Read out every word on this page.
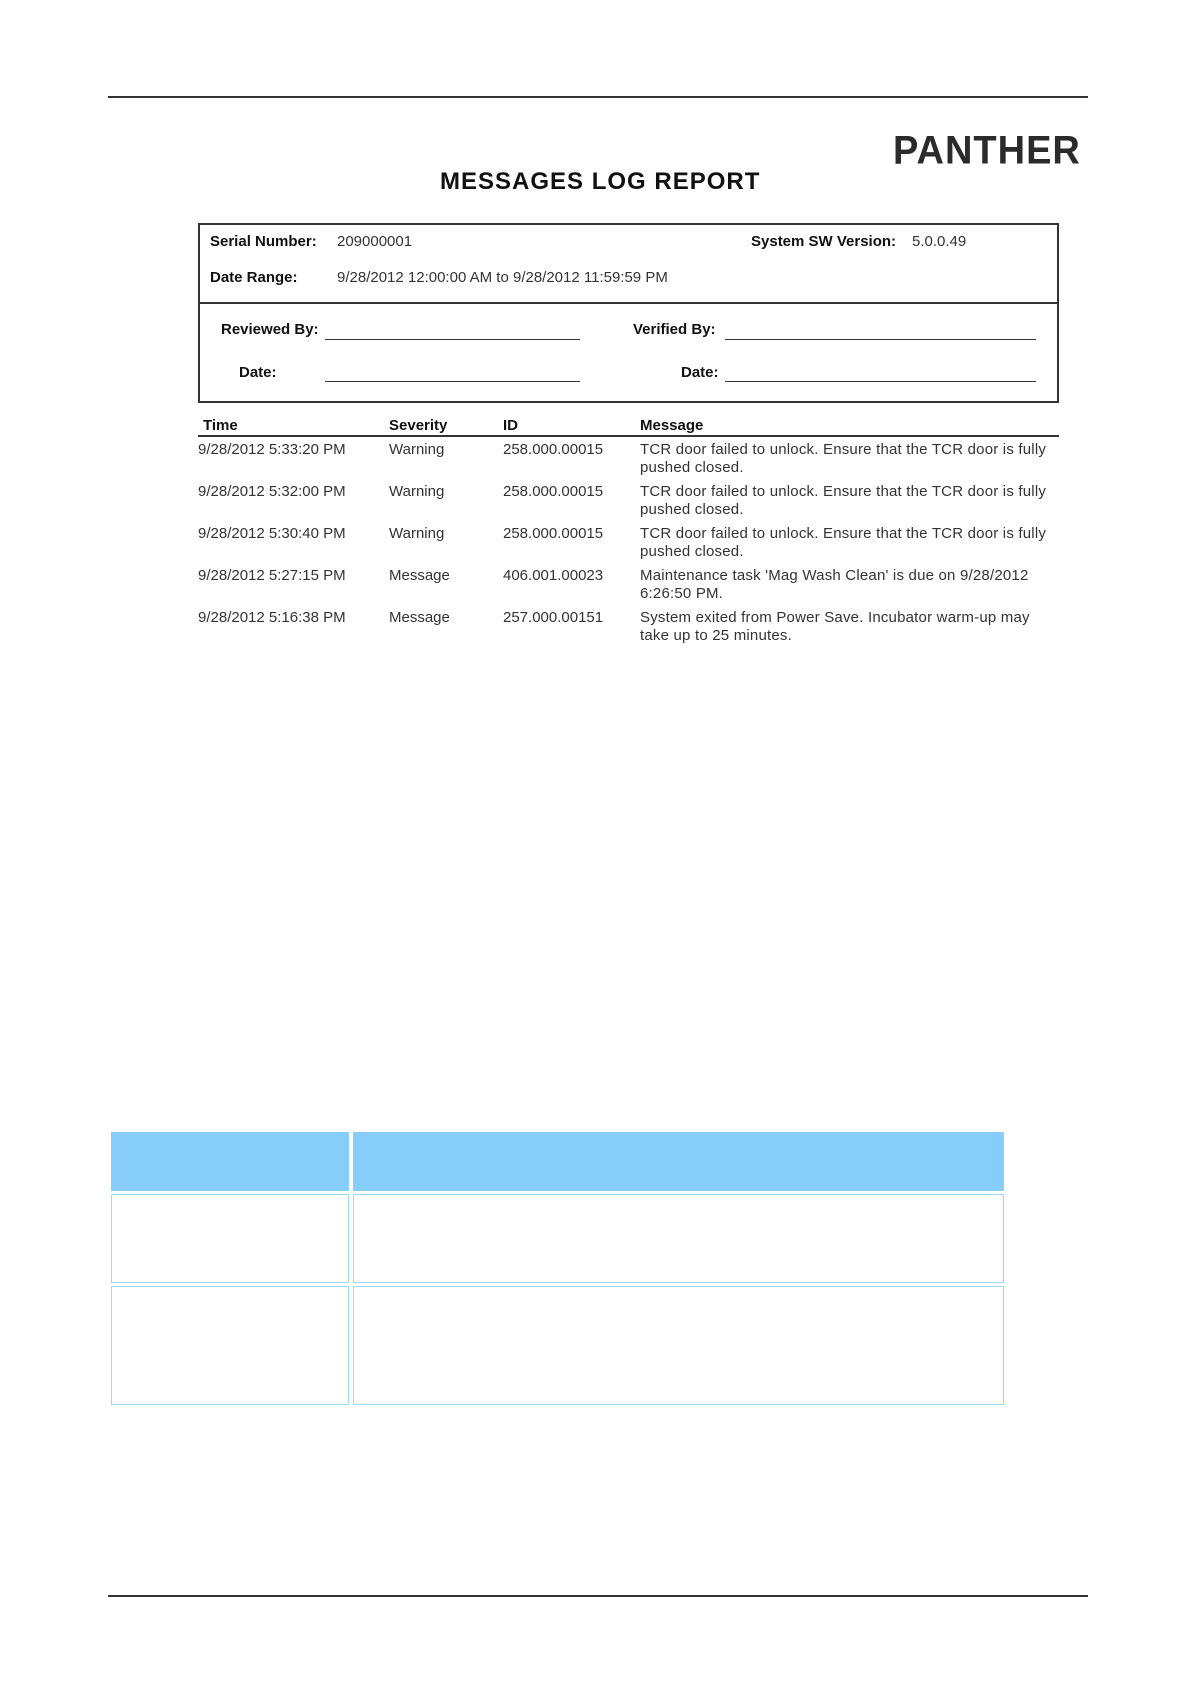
PANTHER
MESSAGES LOG REPORT
Serial Number: 209000001	System SW Version: 5.0.0.49
Date Range:	9/28/2012 12:00:00 AM to 9/28/2012 11:59:59 PM
Reviewed By:	Verified By:
Date:	Date:
Time	Severity	ID	Message
9/28/2012 5:33:20 PM	Warning	258.000.00015 TCR door failed to unlock. Ensure that the TCR door is fully pushed closed.
9/28/2012 5:32:00 PM	Warning	258.000.00015 TCR door failed to unlock. Ensure that the TCR door is fully pushed closed.
9/28/2012 5:30:40 PM	Warning	258.000.00015 TCR door failed to unlock. Ensure that the TCR door is fully pushed closed.
9/28/2012 5:27:15 PM	Message	406.001.00023 Maintenance task 'Mag Wash Clean' is due on 9/28/2012 6:26:50 PM.
9/28/2012 5:16:38 PM	Message	257.000.00151 System exited from Power Save. Incubator warm-up may take up to 25 minutes.
